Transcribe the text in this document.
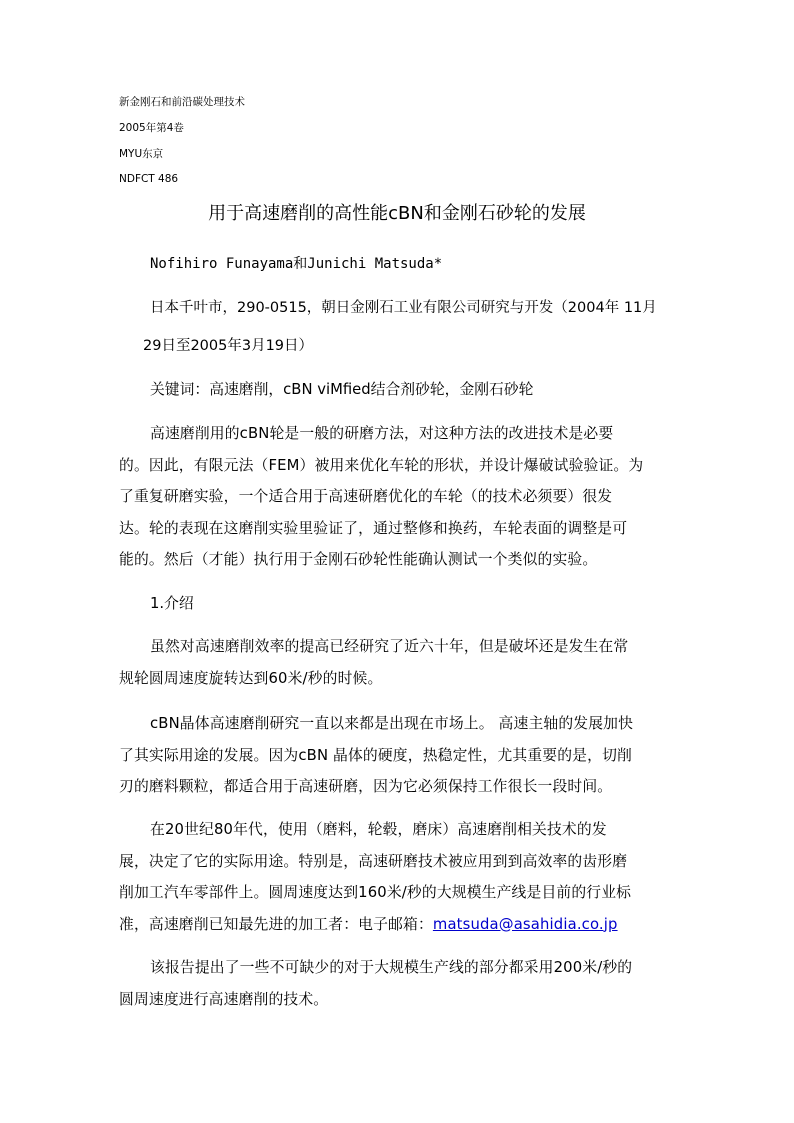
新金刚石和前沿碳处理技术
2005年第4卷
MYU东京
NDFCT 486
用于高速磨削的高性能cBN和金刚石砂轮的发展
Nofihiro Funayama和Junichi Matsuda*
日本千叶市，290-0515，朝日金刚石工业有限公司研究与开发（2004年 11月
29日至2005年3月19日）
关键词：高速磨削，cBN viMfied结合剂砂轮，金刚石砂轮
高速磨削用的cBN轮是一般的研磨方法，对这种方法的改进技术是必要
的。因此，有限元法（FEM）被用来优化车轮的形状，并设计爆破试验验证。为
了重复研磨实验，一个适合用于高速研磨优化的车轮（的技术必须要）很发
达。轮的表现在这磨削实验里验证了，通过整修和换药，车轮表面的调整是可
能的。然后（才能）执行用于金刚石砂轮性能确认测试一个类似的实验。
1.介绍
虽然对高速磨削效率的提高已经研究了近六十年，但是破坏还是发生在常
规轮圆周速度旋转达到60米/秒的时候。
cBN晶体高速磨削研究一直以来都是出现在市场上。 高速主轴的发展加快
了其实际用途的发展。因为cBN 晶体的硬度，热稳定性，尤其重要的是，切削
刃的磨料颗粒，都适合用于高速研磨，因为它必须保持工作很长一段时间。
在20世纪80年代，使用（磨料，轮毂，磨床）高速磨削相关技术的发
展，决定了它的实际用途。特别是，高速研磨技术被应用到到高效率的齿形磨
削加工汽车零部件上。圆周速度达到160米/秒的大规模生产线是目前的行业标
准，高速磨削已知最先进的加工者：电子邮箱：matsuda@asahidia.co.jp
该报告提出了一些不可缺少的对于大规模生产线的部分都采用200米/秒的
圆周速度进行高速磨削的技术。
